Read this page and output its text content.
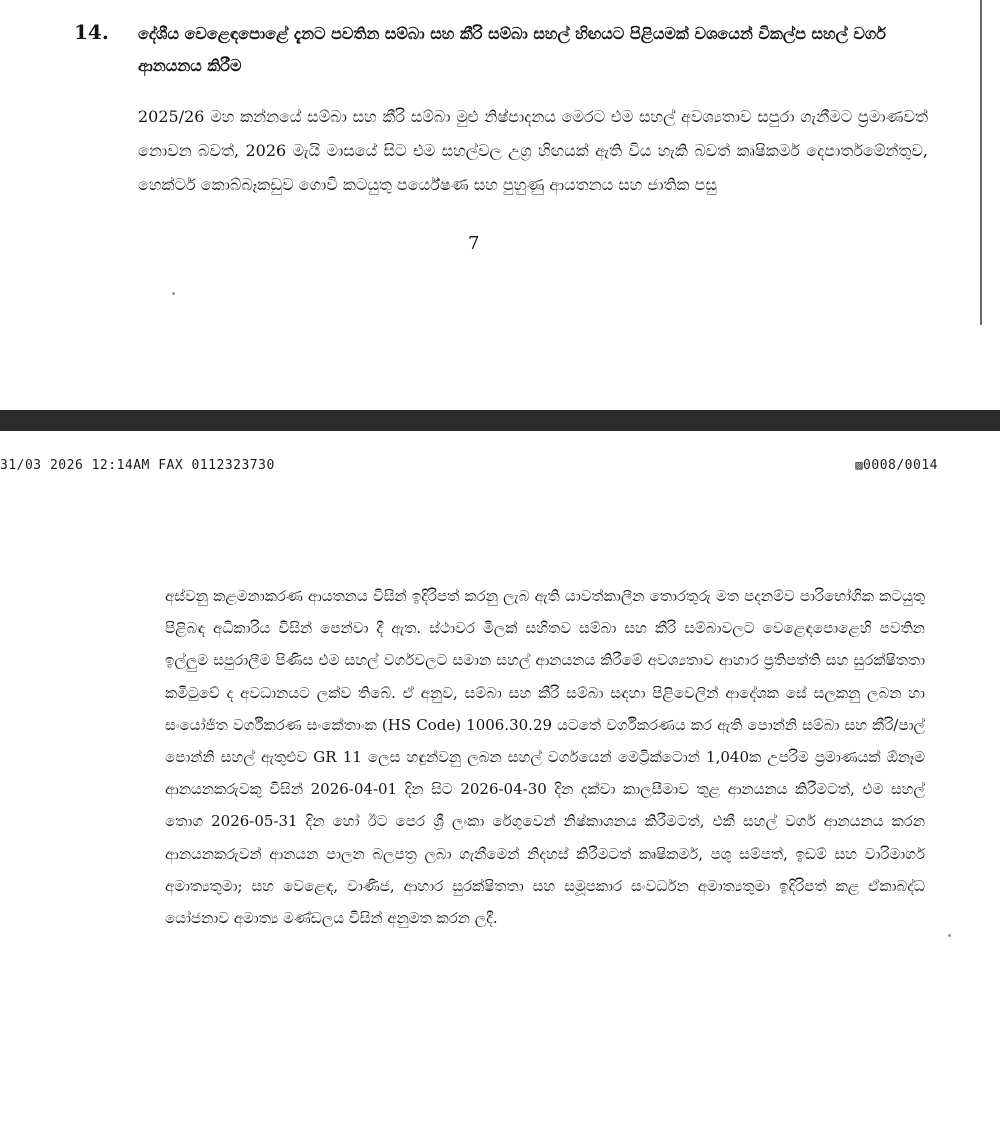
14. දේශීය වෙළෙඳපොළේ දැනට පවතින සම්බා සහ කීරි සම්බා සහල් හිඟයට පිළියමක් වශයෙන් විකල්ප සහල් වර්ග ආනයනය කිරීම

2025/26 මහ කන්නයේ සම්බා සහ කීරි සම්බා මුළු නිෂ්පාදනය මෙරට එම සහල් අවශ්‍යතාව සපුරා ගැනීමට ප්‍රමාණවත් නොවන බවත්, 2026 මැයි මාසයේ සිට එම සහල්වල උග්‍ර හිඟයක් ඇති විය හැකි බවත් කෘෂිකර්ම දෙපාර්තමේන්තුව, හෙක්ටර් කොබ්බෑකඩුව ගොවි කටයුතු පර්යේෂණ සහ පුහුණු ආයතනය සහ ජාතික පසු

7
31/03 2026 12:14AM FAX 0112323730	▨0008/0014

අස්වනු කළමනාකරණ ආයතනය විසින් ඉදිරිපත් කරනු ලැබ ඇති යාවත්කාලීන තොරතුරු මත පදනම්ව පාරිභෝගික කටයුතු පිළිබඳ අධිකාරිය විසින් පෙන්වා දී ඇත. ස්ථාවර මිලක් සහිතව සම්බා සහ කීරි සම්බාවලට වෙළෙඳපොළෙහි පවතින ඉල්ලුම සපුරාලීම පිණිස එම සහල් වර්ගවලට සමාන සහල් ආනයනය කිරීමේ අවශ්‍යතාව ආහාර ප්‍රතිපත්ති සහ සුරක්ෂිතතා කමිටුවේ ද අවධානයට ලක්ව තිබේ. ඒ අනුව, සම්බා සහ කීරි සම්බා සඳහා පිළිවෙලින් ආදේශක සේ සලකනු ලබන හා සංයෝජිත වර්ගීකරණ සංකේතාංක (HS Code) 1006.30.29 යටතේ වර්ගීකරණය කර ඇති පොන්නි සම්බා සහ කීරි/පාල් පොන්නි සහල් ඇතුළුව GR 11 ලෙස හඳුන්වනු ලබන සහල් වර්ගයෙන් මෙට්‍රික්ටොන් 1,040ක උපරිම ප්‍රමාණයක් ඕනෑම ආනයනකරුවකු විසින් 2026-04-01 දින සිට 2026-04-30 දින දක්වා කාලසීමාව තුළ ආනයනය කිරීමටත්, එම සහල් තොග 2026-05-31 දින හෝ ඊට පෙර ශ්‍රී ලංකා රේගුවෙන් නිෂ්කාශනය කිරීමටත්, එකී සහල් වර්ග ආනයනය කරන ආනයනකරුවන් ආනයන පාලන බලපත්‍ර ලබා ගැනීමෙන් නිදහස් කිරීමටත් කෘෂිකර්ම, පශු සම්පත්, ඉඩම් සහ වාරිමාර්ග අමාත්‍යතුමා; සහ වෙළෙඳ, වාණිජ, ආහාර සුරක්ෂිතතා සහ සමූපකාර සංවර්ධන අමාත්‍යතුමා ඉදිරිපත් කළ ඒකාබද්ධ යෝජනාව අමාත්‍ය මණ්ඩලය විසින් අනුමත කරන ලදී.
